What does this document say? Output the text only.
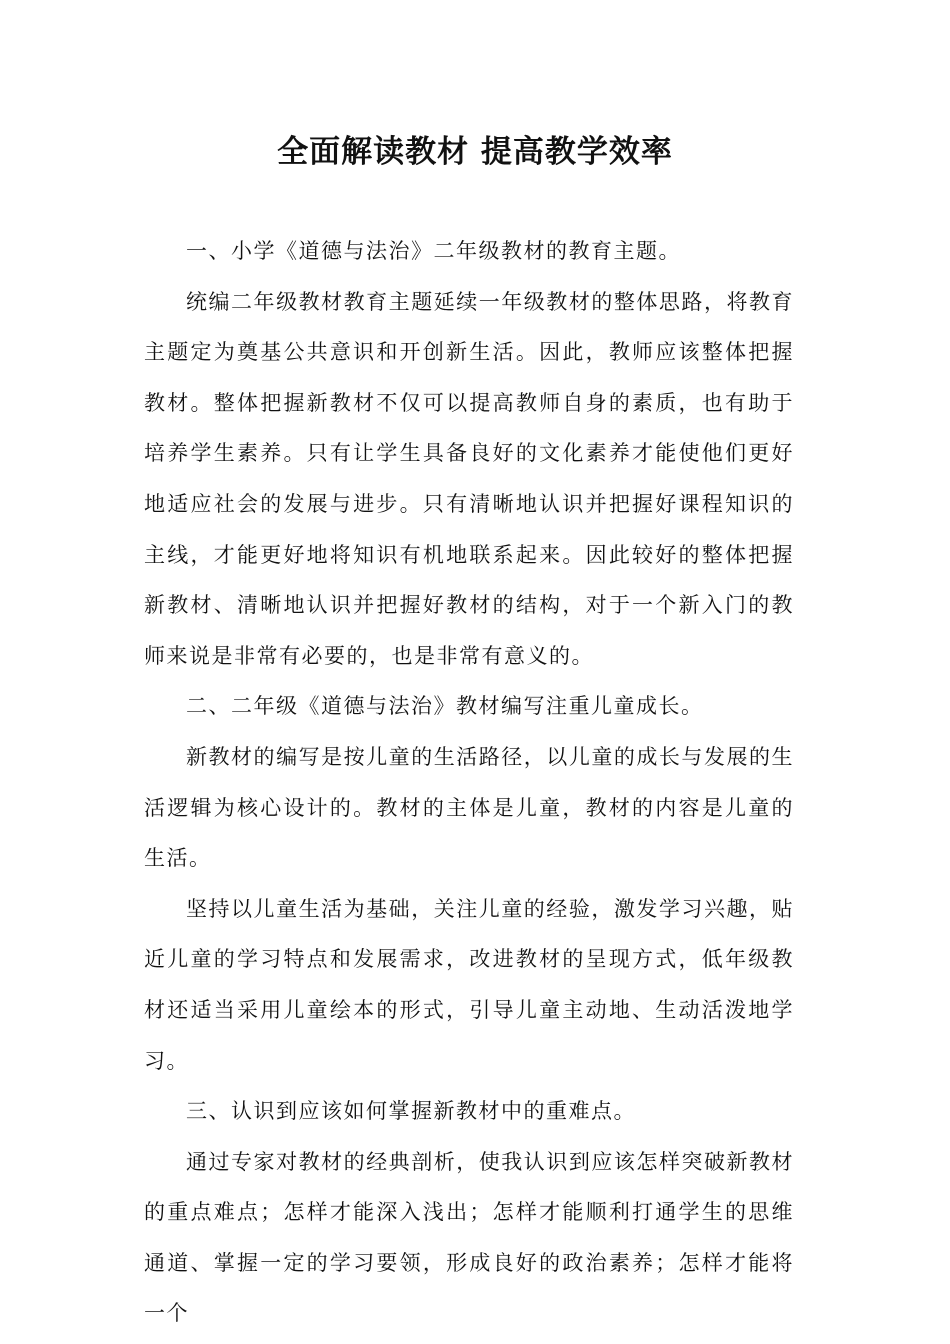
全面解读教材 提高教学效率

一、小学《道德与法治》二年级教材的教育主题。

统编二年级教材教育主题延续一年级教材的整体思路，将教育主题定为奠基公共意识和开创新生活。因此，教师应该整体把握教材。整体把握新教材不仅可以提高教师自身的素质，也有助于培养学生素养。只有让学生具备良好的文化素养才能使他们更好地适应社会的发展与进步。只有清晰地认识并把握好课程知识的主线，才能更好地将知识有机地联系起来。因此较好的整体把握新教材、清晰地认识并把握好教材的结构，对于一个新入门的教师来说是非常有必要的，也是非常有意义的。

二、二年级《道德与法治》教材编写注重儿童成长。

新教材的编写是按儿童的生活路径，以儿童的成长与发展的生活逻辑为核心设计的。教材的主体是儿童，教材的内容是儿童的生活。

坚持以儿童生活为基础，关注儿童的经验，激发学习兴趣，贴近儿童的学习特点和发展需求，改进教材的呈现方式，低年级教材还适当采用儿童绘本的形式，引导儿童主动地、生动活泼地学习。

三、认识到应该如何掌握新教材中的重难点。

通过专家对教材的经典剖析，使我认识到应该怎样突破新教材的重点难点；怎样才能深入浅出；怎样才能顺利打通学生的思维通道、掌握一定的学习要领，形成良好的政治素养；怎样才能将一个
